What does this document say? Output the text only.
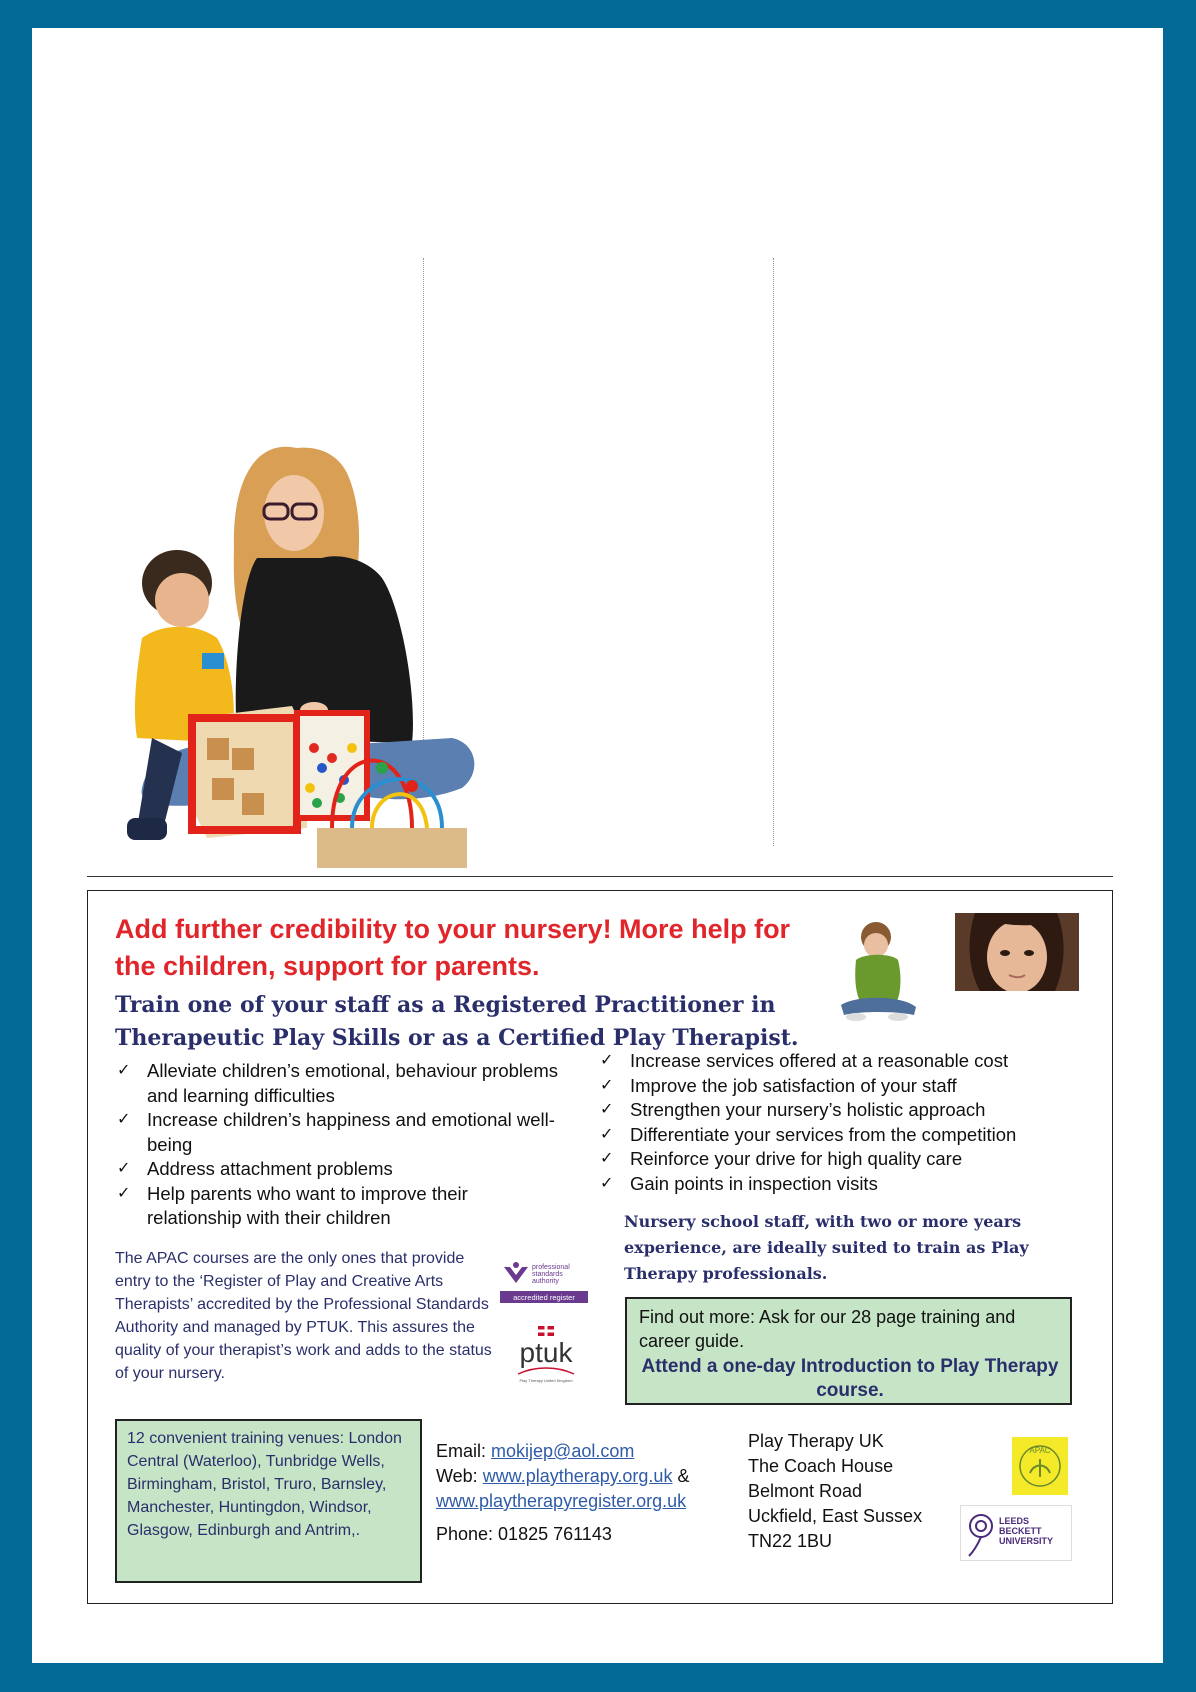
Add further credibility to your nursery! More help for the children, support for parents.
Train one of your staff as a Registered Practitioner in Therapeutic Play Skills or as a Certified Play Therapist.
✓ Alleviate children’s emotional, behaviour problems and learning difficulties
✓ Increase children’s happiness and emotional well-being
✓ Address attachment problems
✓ Help parents who want to improve their relationship with their children
✓ Increase services offered at a reasonable cost
✓ Improve the job satisfaction of your staff
✓ Strengthen your nursery’s holistic approach
✓ Differentiate your services from the competition
✓ Reinforce your drive for high quality care
✓ Gain points in inspection visits
Nursery school staff, with two or more years experience, are ideally suited to train as Play Therapy professionals.
The APAC courses are the only ones that provide entry to the ‘Register of Play and Creative Arts Therapists’ accredited by the Professional Standards Authority and managed by PTUK. This assures the quality of your therapist’s work and adds to the status of your nursery.
professional
standards
authority
accredited register
ptuk
Play Therapy United Kingdom
Find out more: Ask for our 28 page training and career guide.
Attend a one-day Introduction to Play Therapy course.
12 convenient training venues: London Central (Waterloo), Tunbridge Wells, Birmingham, Bristol, Truro, Barnsley, Manchester, Huntingdon, Windsor, Glasgow, Edinburgh and Antrim,.
Email: mokijep@aol.com
Web: www.playtherapy.org.uk &
www.playtherapyregister.org.uk
Phone: 01825 761143
Play Therapy UK
The Coach House
Belmont Road
Uckfield, East Sussex
TN22 1BU
APAC
LEEDS
BECKETT
UNIVERSITY
